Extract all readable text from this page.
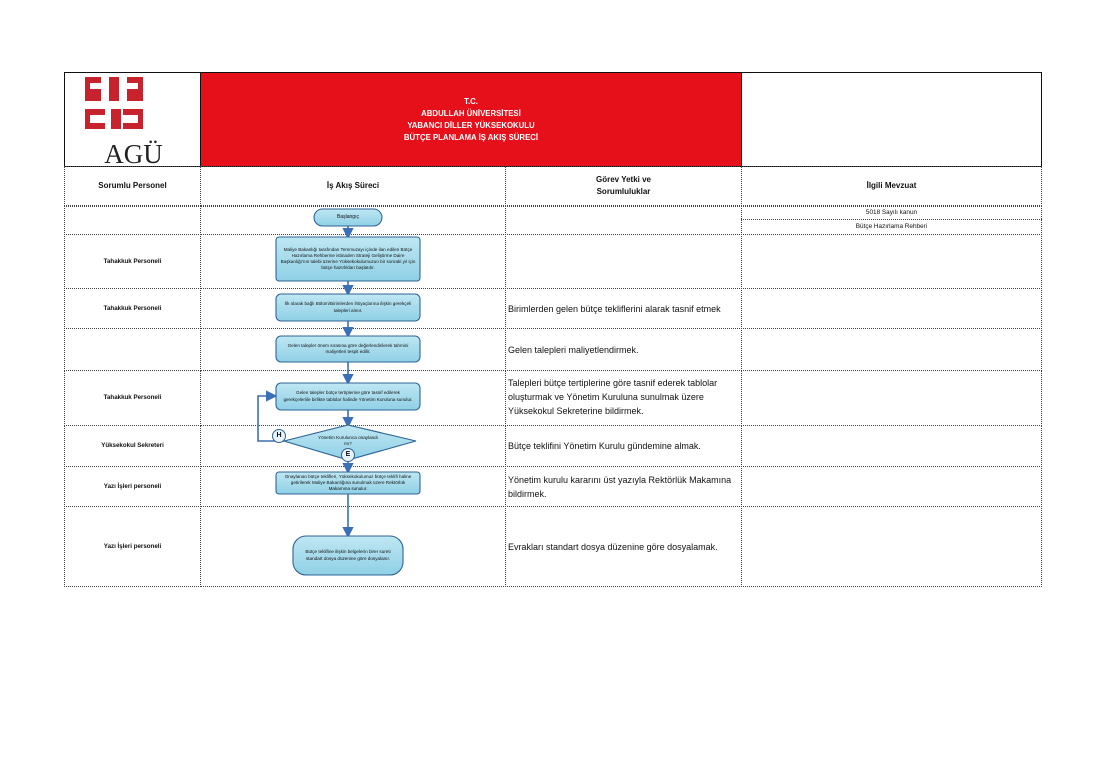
AGÜ
T.C.
ABDULLAH ÜNİVERSİTESİ
YABANCI DİLLER YÜKSEKOKULU
BÜTÇE PLANLAMA İŞ AKIŞ SÜRECİ
Sorumlu Personel	İş Akış Süreci
Görev Yetki ve
Sorumluluklar
İlgili Mevzuat
Tahakkuk Personeli
Tahakkuk Personeli
Tahakkuk Personeli
Yüksekokul Sekreteri
Yazı İşleri personeli
Yazı İşleri personeli
Birimlerden gelen bütçe tekliflerini alarak tasnif etmek
Gelen talepleri maliyetlendirmek.
Talepleri bütçe tertiplerine göre tasnif ederek tablolar
oluşturmak ve Yönetim Kuruluna sunulmak üzere
Yüksekokul Sekreterine bildirmek.
Bütçe teklifini Yönetim Kurulu gündemine almak.
Yönetim kurulu kararını üst yazıyla Rektörlük Makamına
bildirmek.
Evrakları standart dosya düzenine göre dosyalamak.
5018 Sayılı kanun
Bütçe Hazırlama Rehberi
Başlangıç
Maliye Bakanlığı tarafından Temmuzayı içinde ilan edilen Bütçe Hazırlama Rehberine istinaden Strateji Geliştirme Daire Başkanlığı'nın talebi üzerine Yüksekokulumuzun bir sonraki yıl için bütçe hazırlıkları başlatılır.
İlk olarak bağlı Bölüm/Birimlerden ihtiyaçlarına ilişkin gerekçeli talepleri alınır.
Gelen talepler önem sırasına göre değerlendirilerek tahmini maliyetleri tespit edilir.
Gelen talepler bütçe tertiplerine göre tasnif edilerek gerekçeleriile birlikte tablolar halinde Yönetim Kuruluna sunulur.
Yönetim Kurulunca onaylandı mı?
H
E
Onaylanan bütçe teklifleri, Yüksekokulumuz bütçe teklifi haline getirilerek Maliye Bakanlığına sunulmak üzere Rektörlük Makamına sunulur.
Bütçe teklifine ilişkin belgelerin birer sureti standart dosya düzenine göre dosyalanır.
